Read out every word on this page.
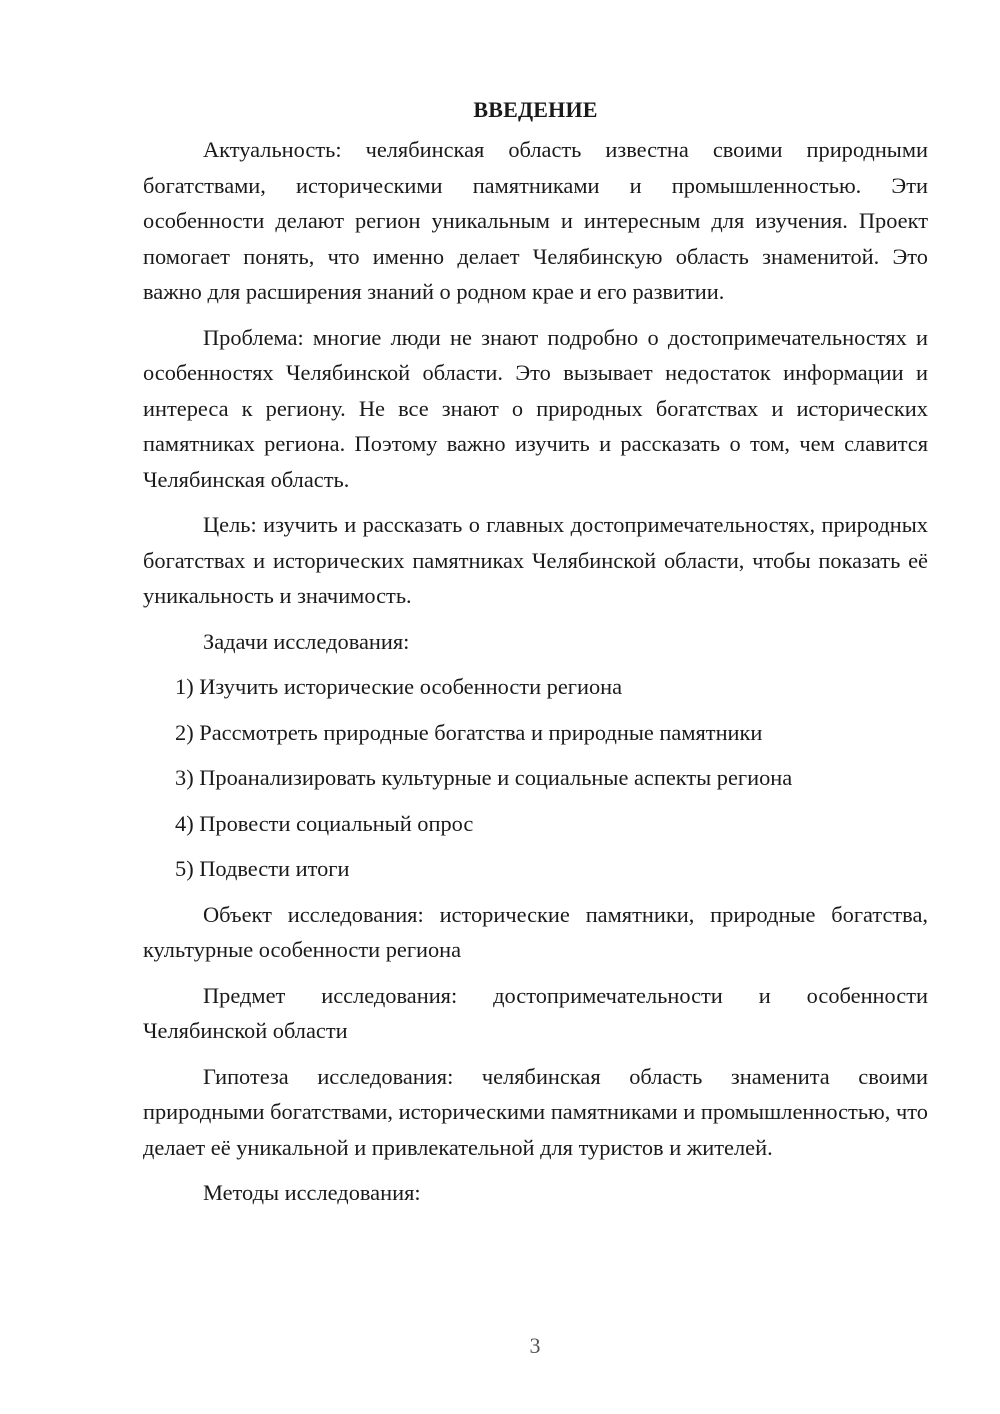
ВВЕДЕНИЕ

Актуальность: челябинская область известна своими природными богатствами, историческими памятниками и промышленностью. Эти особенности делают регион уникальным и интересным для изучения. Проект помогает понять, что именно делает Челябинскую область знаменитой. Это важно для расширения знаний о родном крае и его развитии.

Проблема: многие люди не знают подробно о достопримечательностях и особенностях Челябинской области. Это вызывает недостаток информации и интереса к региону. Не все знают о природных богатствах и исторических памятниках региона. Поэтому важно изучить и рассказать о том, чем славится Челябинская область.

Цель: изучить и рассказать о главных достопримечательностях, природных богатствах и исторических памятниках Челябинской области, чтобы показать её уникальность и значимость.

Задачи исследования:

1) Изучить исторические особенности региона

2) Рассмотреть природные богатства и природные памятники

3) Проанализировать культурные и социальные аспекты региона

4) Провести социальный опрос

5) Подвести итоги

Объект исследования: исторические памятники, природные богатства, культурные особенности региона

Предмет исследования: достопримечательности и особенности Челябинской области

Гипотеза исследования: челябинская область знаменита своими природными богатствами, историческими памятниками и промышленностью, что делает её уникальной и привлекательной для туристов и жителей.

Методы исследования:

3
